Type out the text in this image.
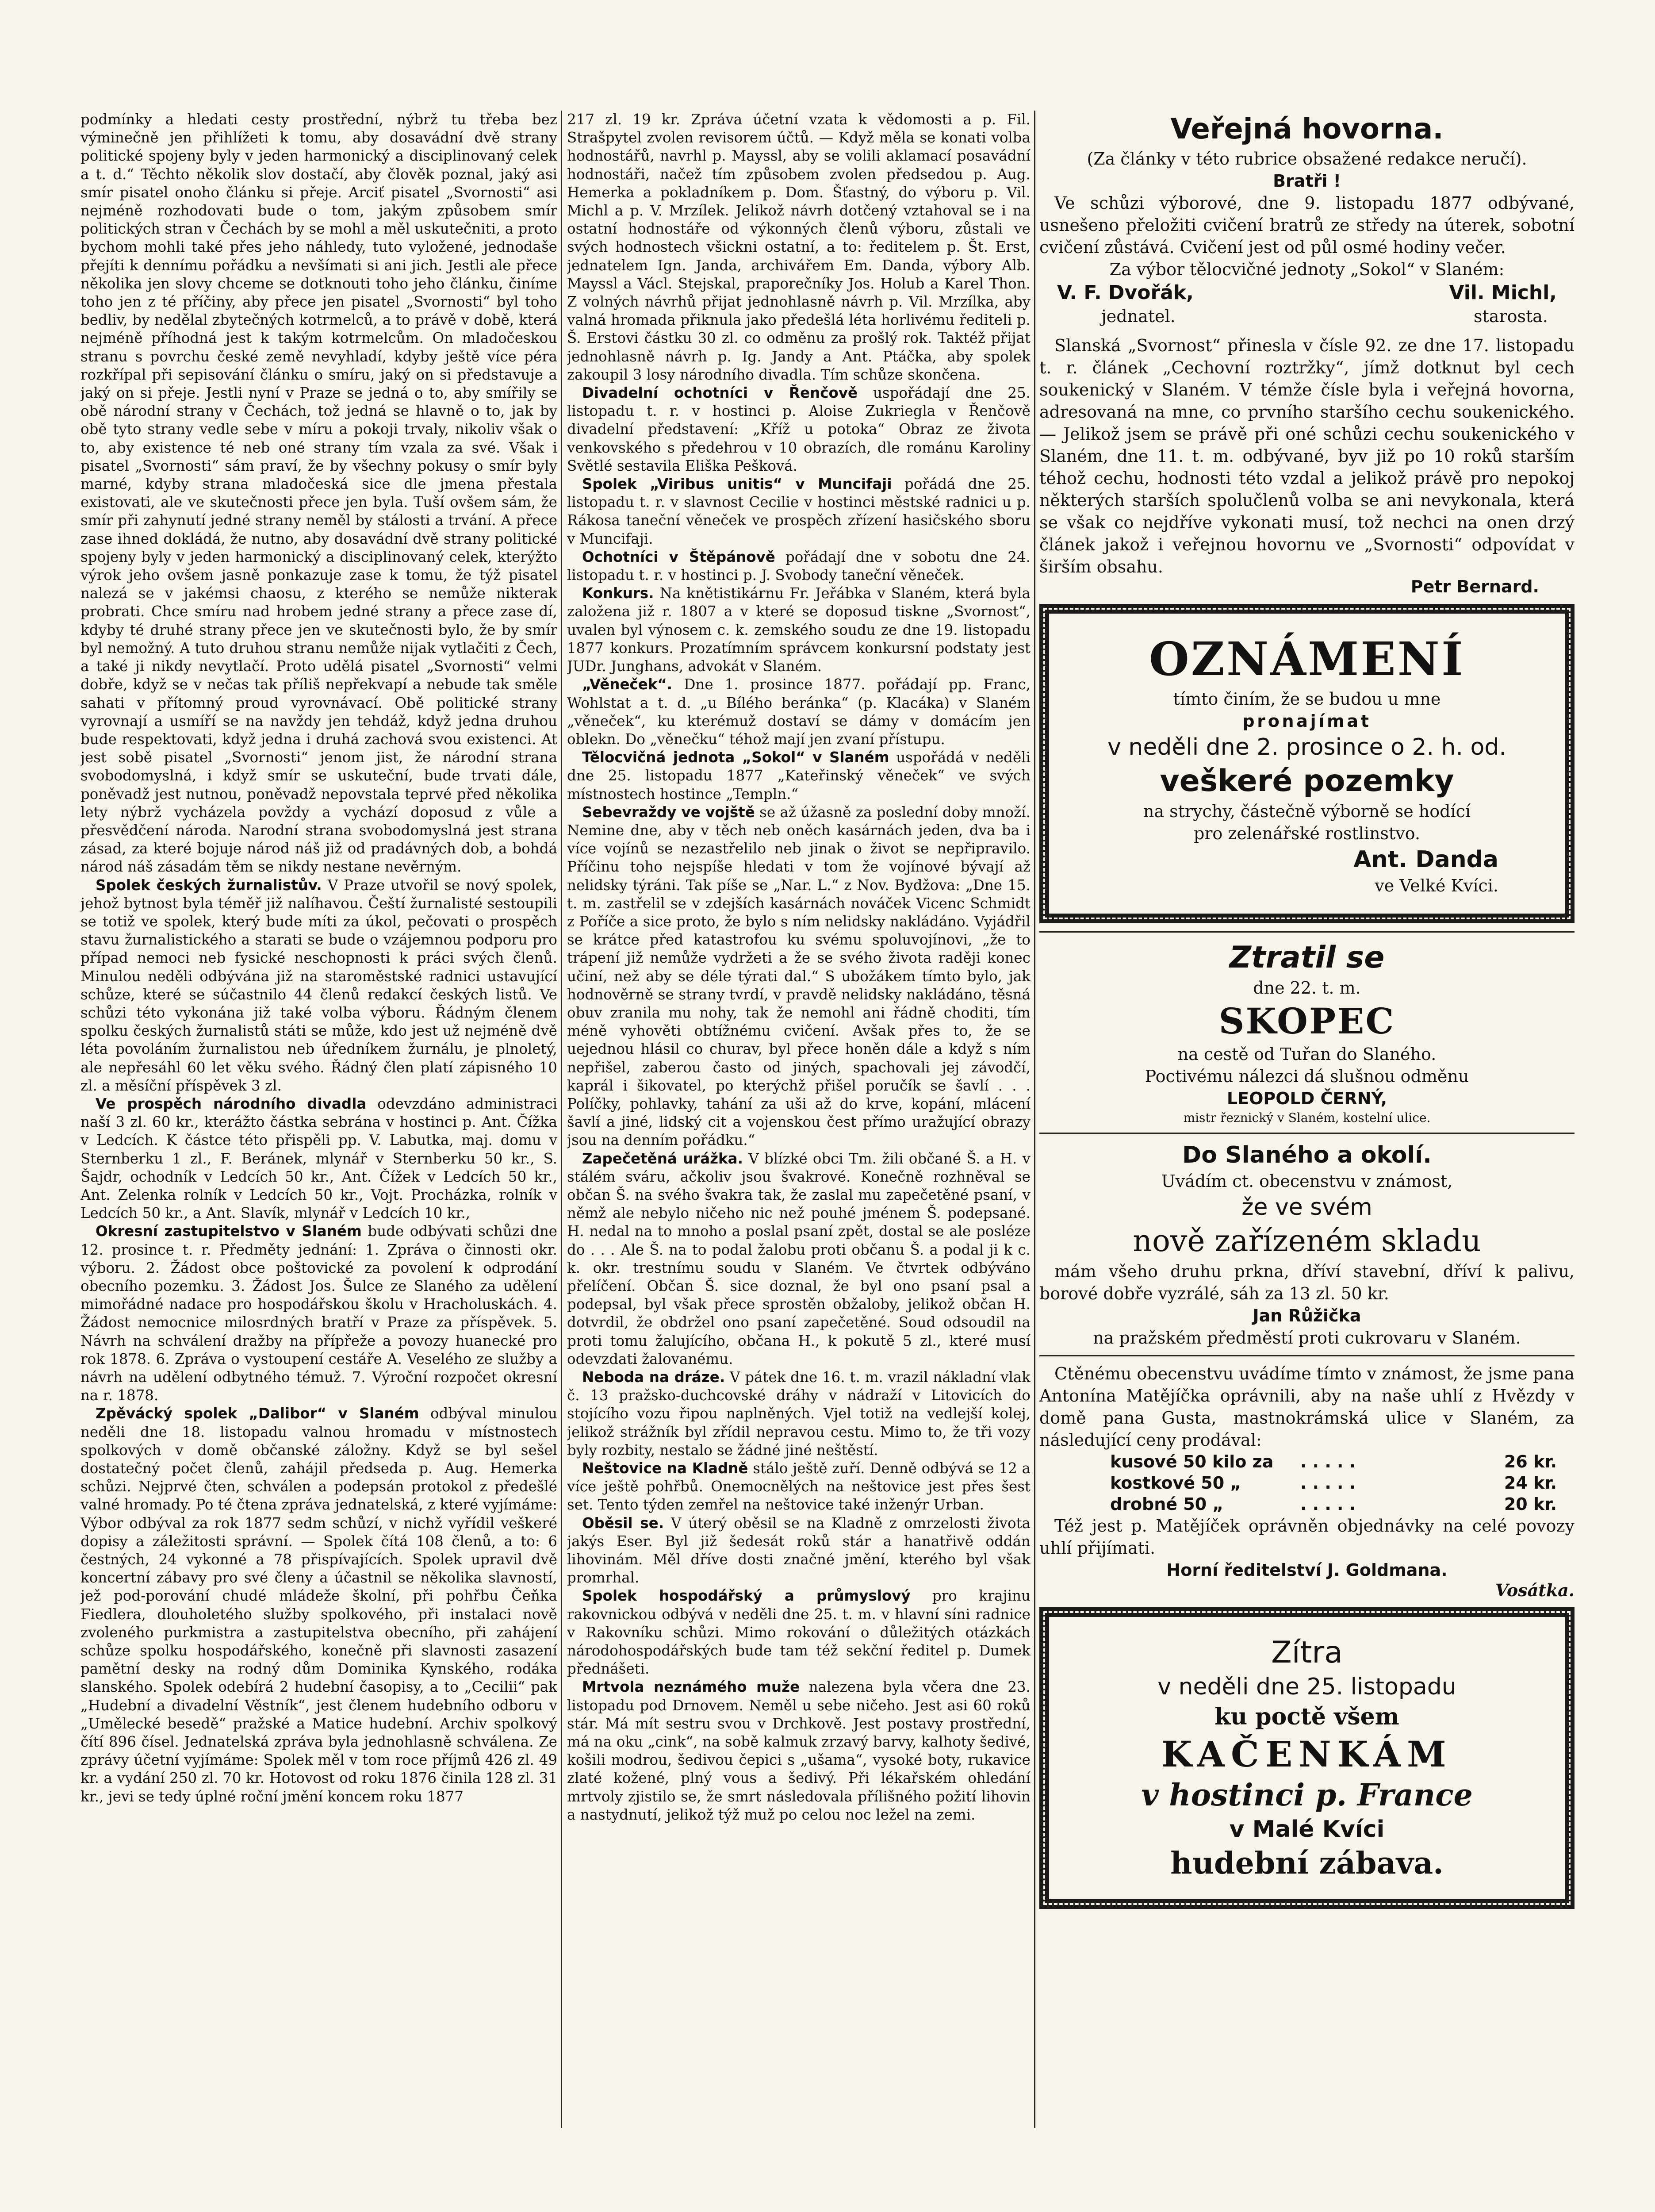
podmínky a hledati cesty prostřední, nýbrž tu třeba bez výminečně jen přihlížeti k tomu, aby dosavádní dvě strany politické spojeny byly v jeden harmonický a disciplinovaný celek a t. d.“ Těchto několik slov dostačí, aby člověk poznal, jaký asi smír pisatel onoho článku si přeje. Arciť pisatel „Svornosti“ asi nejméně rozhodovati bude o tom, jakým způsobem smír politických stran v Čechách by se mohl a měl uskutečniti, a proto bychom mohli také přes jeho náhledy, tuto vyložené, jednodaše přejíti k dennímu pořádku a nevšímati si ani jich. Jestli ale přece několika jen slovy chceme se dotknouti toho jeho článku, činíme toho jen z té příčiny, aby přece jen pisatel „Svornosti“ byl toho bedliv, by nedělal zbytečných kotrmelců, a to právě v době, která nejméně příhodná jest k takým kotrmelcům. On mladočeskou stranu s povrchu české země nevyhladí, kdyby ještě více péra rozkřípal při sepisování článku o smíru, jaký on si představuje a jaký on si přeje. Jestli nyní v Praze se jedná o to, aby smířily se obě národní strany v Čechách, tož jedná se hlavně o to, jak by obě tyto strany vedle sebe v míru a pokoji trvaly, nikoliv však o to, aby existence té neb oné strany tím vzala za své. Však i pisatel „Svornosti“ sám praví, že by všechny pokusy o smír byly marné, kdyby strana mladočeská sice dle jmena přestala existovati, ale ve skutečnosti přece jen byla. Tuší ovšem sám, že smír při zahynutí jedné strany neměl by stálosti a trvání. A přece zase ihned dokládá, že nutno, aby dosavádní dvě strany politické spojeny byly v jeden harmonický a disciplinovaný celek, kterýžto výrok jeho ovšem jasně ponkazuje zase k tomu, že týž pisatel nalezá se v jakémsi chaosu, z kterého se nemůže nikterak probrati. Chce smíru nad hrobem jedné strany a přece zase dí, kdyby té druhé strany přece jen ve skutečnosti bylo, že by smír byl nemožný. A tuto druhou stranu nemůže nijak vytlačiti z Čech, a také ji nikdy nevytlačí. Proto udělá pisatel „Svornosti“ velmi dobře, když se v nečas tak příliš nepřekvapí a nebude tak směle sahati v přítomný proud vyrovnávací. Obě politické strany vyrovnají a usmíří se na navždy jen tehdáž, když jedna druhou bude respektovati, když jedna i druhá zachová svou existenci. At jest sobě pisatel „Svornosti“ jenom jist, že národní strana svobodomyslná, i když smír se uskuteční, bude trvati dále, poněvadž jest nutnou, poněvadž nepovstala teprvé před několika lety nýbrž vycházela povždy a vychází doposud z vůle a přesvědčení národa. Narodní strana svobodomyslná jest strana zásad, za které bojuje národ náš již od pradávných dob, a bohdá národ náš zásadám těm se nikdy nestane nevěrným.

Spolek českých žurnalistův. V Praze utvořil se nový spolek, jehož bytnost byla téměř již nalíhavou. Čeští žurnalisté sestoupili se totiž ve spolek, který bude míti za úkol, pečovati o prospěch stavu žurnalistického a starati se bude o vzájemnou podporu pro případ nemoci neb fysické neschopnosti k práci svých členů. Minulou neděli odbývána již na staroměstské radnici ustavující schůze, které se súčastnilo 44 členů redakcí českých listů. Ve schůzi této vykonána již také volba výboru. Řádným členem spolku českých žurnalistů státi se může, kdo jest už nejméně dvě léta povoláním žurnalistou neb úředníkem žurnálu, je plnoletý, ale nepřesáhl 60 let věku svého. Řádný člen platí zápisného 10 zl. a měsíční příspěvek 3 zl.

Ve prospěch národního divadla odevzdáno administraci naší 3 zl. 60 kr., kterážto částka sebrána v hostinci p. Ant. Čížka v Ledcích. K částce této přispěli pp. V. Labutka, maj. domu v Sternberku 1 zl., F. Beránek, mlynář v Sternberku 50 kr., S. Šajdr, ochodník v Ledcích 50 kr., Ant. Čížek v Ledcích 50 kr., Ant. Zelenka rolník v Ledcích 50 kr., Vojt. Procházka, rolník v Ledcích 50 kr., a Ant. Slavík, mlynář v Ledcích 10 kr.,

Okresní zastupitelstvo v Slaném bude odbývati schůzi dne 12. prosince t. r. Předměty jednání: 1. Zpráva o činnosti okr. výboru. 2. Žádost obce poštovické za povolení k odprodání obecního pozemku. 3. Žádost Jos. Šulce ze Slaného za udělení mimořádné nadace pro hospodářskou školu v Hracholuskách. 4. Žádost nemocnice milosrdných bratří v Praze za příspěvek. 5. Návrh na schválení dražby na přípřeže a povozy huanecké pro rok 1878. 6. Zpráva o vystoupení cestáře A. Veselého ze služby a návrh na udělení odbytného témuž. 7. Výroční rozpočet okresní na r. 1878.

Zpěvácký spolek „Dalibor“ v Slaném odbýval minulou neděli dne 18. listopadu valnou hromadu v místnostech spolkových v domě občanské záložny. Když se byl sešel dostatečný počet členů, zahájil předseda p. Aug. Hemerka schůzi. Nejprvé čten, schválen a podepsán protokol z předešlé valné hromady. Po té čtena zpráva jednatelská, z které vyjímáme: Výbor odbýval za rok 1877 sedm schůzí, v nichž vyřídil veškeré dopisy a záležitosti správní. — Spolek čítá 108 členů, a to: 6 čestných, 24 vykonné a 78 přispívajících. Spolek upravil dvě koncertní zábavy pro své členy a účastnil se několika slavností, jež pod-porování chudé mládeže školní, při pohřbu Čeňka Fiedlera, dlouholetého služby spolkového, při instalaci nově zvoleného purkmistra a zastupitelstva obecního, při zahájení schůze spolku hospodářského, konečně při slavnosti zasazení pamětní desky na rodný dům Dominika Kynského, rodáka slanského. Spolek odebírá 2 hudební časopisy, a to „Cecilii“ pak „Hudební a divadelní Věstník“, jest členem hudebního odboru v „Umělecké besedě“ pražské a Matice hudební. Archiv spolkový čítí 896 čísel. Jednatelská zpráva byla jednohlasně schválena. Ze zprávy účetní vyjímáme: Spolek měl v tom roce příjmů 426 zl. 49 kr. a vydání 250 zl. 70 kr. Hotovost od roku 1876 činila 128 zl. 31 kr., jevi se tedy úplné roční jmění koncem roku 1877

217 zl. 19 kr. Zpráva účetní vzata k vědomosti a p. Fil. Strašpytel zvolen revisorem účtů. — Když měla se konati volba hodnostářů, navrhl p. Mayssl, aby se volili aklamací posavádní hodnostáři, načež tím způsobem zvolen předsedou p. Aug. Hemerka a pokladníkem p. Dom. Šťastný, do výboru p. Vil. Michl a p. V. Mrzílek. Jelikož návrh dotčený vztahoval se i na ostatní hodnostáře od výkonných členů výboru, zůstali ve svých hodnostech všickni ostatní, a to: ředitelem p. Št. Erst, jednatelem Ign. Janda, archivářem Em. Danda, výbory Alb. Mayssl a Václ. Stejskal, praporečníky Jos. Holub a Karel Thon. Z volných návrhů přijat jednohlasně návrh p. Vil. Mrzílka, aby valná hromada přiknula jako předešlá léta horlivému řediteli p. Š. Erstovi částku 30 zl. co odměnu za prošlý rok. Taktéž přijat jednohlasně návrh p. Ig. Jandy a Ant. Ptáčka, aby spolek zakoupil 3 losy národního divadla. Tím schůze skončena.

Divadelní ochotníci v Řenčově uspořádají dne 25. listopadu t. r. v hostinci p. Aloise Zukriegla v Řenčově divadelní představení: „Kříž u potoka“ Obraz ze života venkovského s předehrou v 10 obrazích, dle románu Karoliny Světlé sestavila Eliška Pešková.

Spolek „Viribus unitis“ v Muncifaji pořádá dne 25. listopadu t. r. v slavnost Cecilie v hostinci městské radnici u p. Rákosa taneční věneček ve prospěch zřízení hasičského sboru v Muncifaji.

Ochotníci v Štěpánově pořádají dne v sobotu dne 24. listopadu t. r. v hostinci p. J. Svobody taneční věneček.

Konkurs. Na knětistikárnu Fr. Jeřábka v Slaném, která byla založena již r. 1807 a v které se doposud tiskne „Svornost“, uvalen byl výnosem c. k. zemského soudu ze dne 19. listopadu 1877 konkurs. Prozatímním správcem konkursní podstaty jest JUDr. Junghans, advokát v Slaném.

„Věneček“. Dne 1. prosince 1877. pořádají pp. Franc, Wohlstat a t. d. „u Bílého beránka“ (p. Klacáka) v Slaném „věneček“, ku kterémuž dostaví se dámy v domácím jen oblekn. Do „věnečku“ téhož mají jen zvaní přístupu.

Tělocvičná jednota „Sokol“ v Slaném uspořádá v neděli dne 25. listopadu 1877 „Kateřinský věneček“ ve svých místnostech hostince „Templn.“

Sebevraždy ve vojště se až úžasně za poslední doby množí. Nemine dne, aby v těch neb oněch kasárnách jeden, dva ba i více vojínů se nezastřelilo neb jinak o život se nepřipravilo. Příčinu toho nejspíše hledati v tom že vojínové bývají až nelidsky týráni. Tak píše se „Nar. L.“ z Nov. Bydžova: „Dne 15. t. m. zastřelil se v zdejších kasárnách nováček Vicenc Schmidt z Poříče a sice proto, že bylo s ním nelidsky nakládáno. Vyjádřil se krátce před katastrofou ku svému spoluvojínovi, „že to trápení již nemůže vydržeti a že se svého života raději konec učiní, než aby se déle týrati dal.“ S ubožákem tímto bylo, jak hodnověrně se strany tvrdí, v pravdě nelidsky nakládáno, těsná obuv zranila mu nohy, tak že nemohl ani řádně choditi, tím méně vyhověti obtížnému cvičení. Avšak přes to, že se uejednou hlásil co churav, byl přece honěn dále a když s ním nepřišel, zaberou často od jiných, spachovali jej závodčí, kaprál i šikovatel, po kterýchž přišel poručík se šavlí . . . Políčky, pohlavky, tahání za uši až do krve, kopání, mlácení šavlí a jiné, lidský cit a vojenskou čest přímo uražující obrazy jsou na denním pořádku.“

Zapečetěná urážka. V blízké obci Tm. žili občané Š. a H. v stálém sváru, ačkoliv jsou švakrové. Konečně rozhněval se občan Š. na svého švakra tak, že zaslal mu zapečetěné psaní, v němž ale nebylo ničeho nic než pouhé jménem Š. podepsané. H. nedal na to mnoho a poslal psaní zpět, dostal se ale posléze do . . . Ale Š. na to podal žalobu proti občanu Š. a podal ji k c. k. okr. trestnímu soudu v Slaném. Ve čtvrtek odbýváno přelíčení. Občan Š. sice doznal, že byl ono psaní psal a podepsal, byl však přece sprostěn obžaloby, jelikož občan H. dotvrdil, že obdržel ono psaní zapečetěné. Soud odsoudil na proti tomu žalujícího, občana H., k pokutě 5 zl., které musí odevzdati žalovanému.

Neboda na dráze. V pátek dne 16. t. m. vrazil nákladní vlak č. 13 pražsko-duchcovské dráhy v nádraží v Litovicích do stojícího vozu řipou naplněných. Vjel totiž na vedlejší kolej, jelikož strážník byl zřídil nepravou cestu. Mimo to, že tři vozy byly rozbity, nestalo se žádné jiné neštěstí.

Neštovice na Kladně stálo ještě zuří. Denně odbývá se 12 a více ještě pohřbů. Onemocnělých na neštovice jest přes šest set. Tento týden zemřel na neštovice také inženýr Urban.

Oběsil se. V úterý oběsil se na Kladně z omrzelosti života jakýs Eser. Byl již šedesát roků stár a hanatřivě oddán lihovinám. Měl dříve dosti značné jmění, kterého byl však promrhal.

Spolek hospodářský a průmyslový pro krajinu rakovnickou odbývá v neděli dne 25. t. m. v hlavní síni radnice v Rakovníku schůzi. Mimo rokování o důležitých otázkách národohospodářských bude tam též sekční ředitel p. Dumek přednášeti.

Mrtvola neznámého muže nalezena byla včera dne 23. listopadu pod Drnovem. Neměl u sebe ničeho. Jest asi 60 roků stár. Má mít sestru svou v Drchkově. Jest postavy prostřední, má na oku „cink“, na sobě kalmuk zrzavý barvy, kalhoty šedivé, košili modrou, šedivou čepici s „ušama“, vysoké boty, rukavice zlaté kožené, plný vous a šedivý. Při lékařském ohledání mrtvoly zjistilo se, že smrt následovala přílišného požití lihovin a nastydnutí, jelikož týž muž po celou noc ležel na zemi.

Veřejná hovorna.
(Za články v této rubrice obsažené redakce neručí).
Bratři !

Ve schůzi výborové, dne 9. listopadu 1877 odbývané, usnešeno přeložiti cvičení bratrů ze středy na úterek, sobotní cvičení zůstává. Cvičení jest od půl osmé hodiny večer.

Za výbor tělocvičné jednoty „Sokol“ v Slaném:
V. F. Dvořák,	Vil. Michl,
jednatel.	starosta.

Slanská „Svornost“ přinesla v čísle 92. ze dne 17. listopadu t. r. článek „Cechovní roztržky“, jímž dotknut byl cech soukenický v Slaném. V témže čísle byla i veřejná hovorna, adresovaná na mne, co prvního staršího cechu soukenického. — Jelikož jsem se právě při oné schůzi cechu soukenického v Slaném, dne 11. t. m. odbývané, byv již po 10 roků starším téhož cechu, hodnosti této vzdal a jelikož právě pro nepokoj některých starších spolučlenů volba se ani nevykonala, která se však co nejdříve vykonati musí, tož nechci na onen drzý článek jakož i veřejnou hovornu ve „Svornosti“ odpovídat v širším obsahu.

Petr Bernard.
OZNÁMENÍ
tímto činím, že se budou u mne
pronajímat
v neděli dne 2. prosince o 2. h. od.
veškeré pozemky
na strychy, částečně výborně se hodící
pro zelenářské rostlinstvo.
Ant. Danda
ve Velké Kvíci.
Ztratil se
dne 22. t. m.
SKOPEC
na cestě od Tuřan do Slaného.
Poctivému nálezci dá slušnou odměnu
LEOPOLD ČERNÝ,
mistr řeznický v Slaném, kostelní ulice.
Do Slaného a okolí.
Uvádím ct. obecenstvu v známost,
že ve svém
nově zařízeném skladu

mám všeho druhu prkna, dříví stavební, dříví k palivu, borové dobře vyzrálé, sáh za 13 zl. 50 kr.

Jan Růžička
na pražském předměstí proti cukrovaru v Slaném.

Ctěnému obecenstvu uvádíme tímto v známost, že jsme pana Antonína Matějíčka oprávnili, aby na naše uhlí z Hvězdy v domě pana Gusta, mastnokrámská ulice v Slaném, za následující ceny prodával:

kusové 50 kilo za	. . . . .	26 kr.
kostkové 50 „	. . . . .	24 kr.
drobné 50 „	. . . . .	20 kr.

Též jest p. Matějíček oprávněn objednávky na celé povozy uhlí přijímati.

Horní ředitelství J. Goldmana.
Vosátka.
Zítra
v neděli dne 25. listopadu
ku poctě všem
KAČENKÁM
v hostinci p. France
v Malé Kvíci
hudební zábava.
